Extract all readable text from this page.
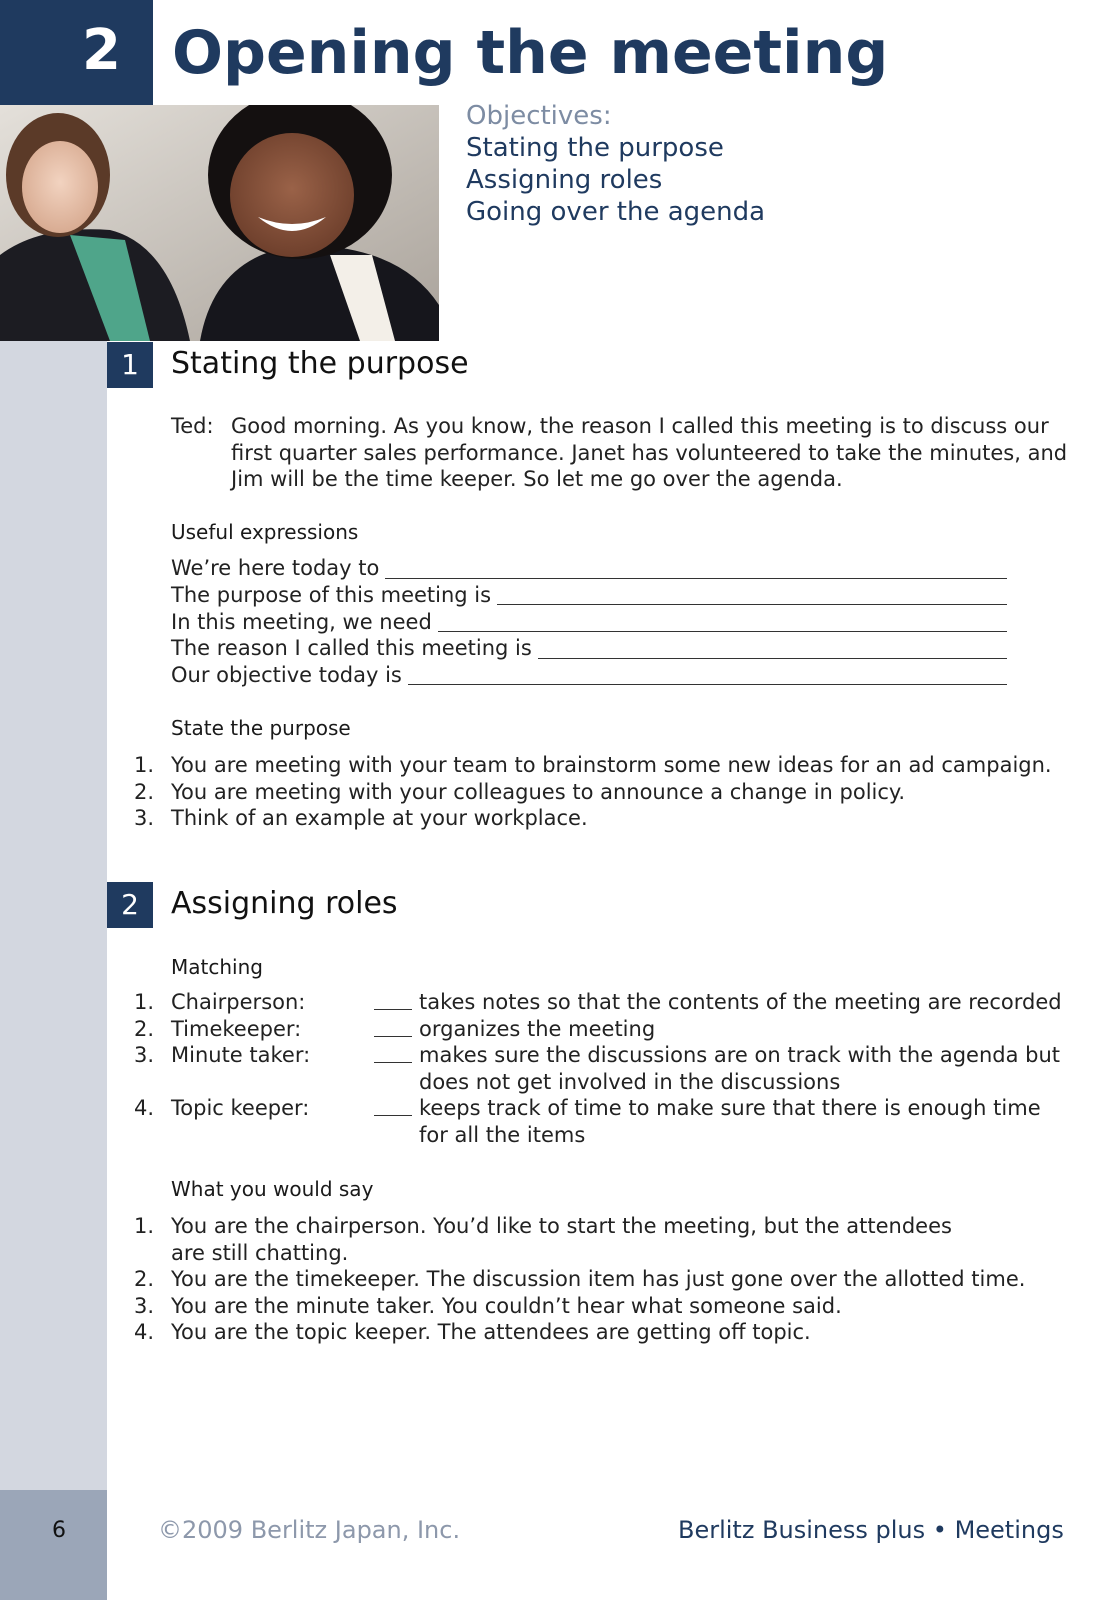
2 Opening the meeting
Objectives:
Stating the purpose
Assigning roles
Going over the agenda
1	Stating the purpose
Ted: Good morning. As you know, the reason I called this meeting is to discuss our
first quarter sales performance. Janet has volunteered to take the minutes, and
Jim will be the time keeper. So let me go over the agenda.
Useful expressions
We’re here today to
The purpose of this meeting is
In this meeting, we need
The reason I called this meeting is
Our objective today is
State the purpose
1. You are meeting with your team to brainstorm some new ideas for an ad campaign.
2. You are meeting with your colleagues to announce a change in policy.
3. Think of an example at your workplace.
2	Assigning roles
Matching
1. Chairperson:	takes notes so that the contents of the meeting are recorded
2. Timekeeper:	organizes the meeting
3. Minute taker:	makes sure the discussions are on track with the agenda but
does not get involved in the discussions
4. Topic keeper:	keeps track of time to make sure that there is enough time
for all the items
What you would say
1. You are the chairperson. You’d like to start the meeting, but the attendees
are still chatting.
2. You are the timekeeper. The discussion item has just gone over the allotted time.
3. You are the minute taker. You couldn’t hear what someone said.
4. You are the topic keeper. The attendees are getting off topic.
6	©2009 Berlitz Japan, Inc.	Berlitz Business plus • Meetings
